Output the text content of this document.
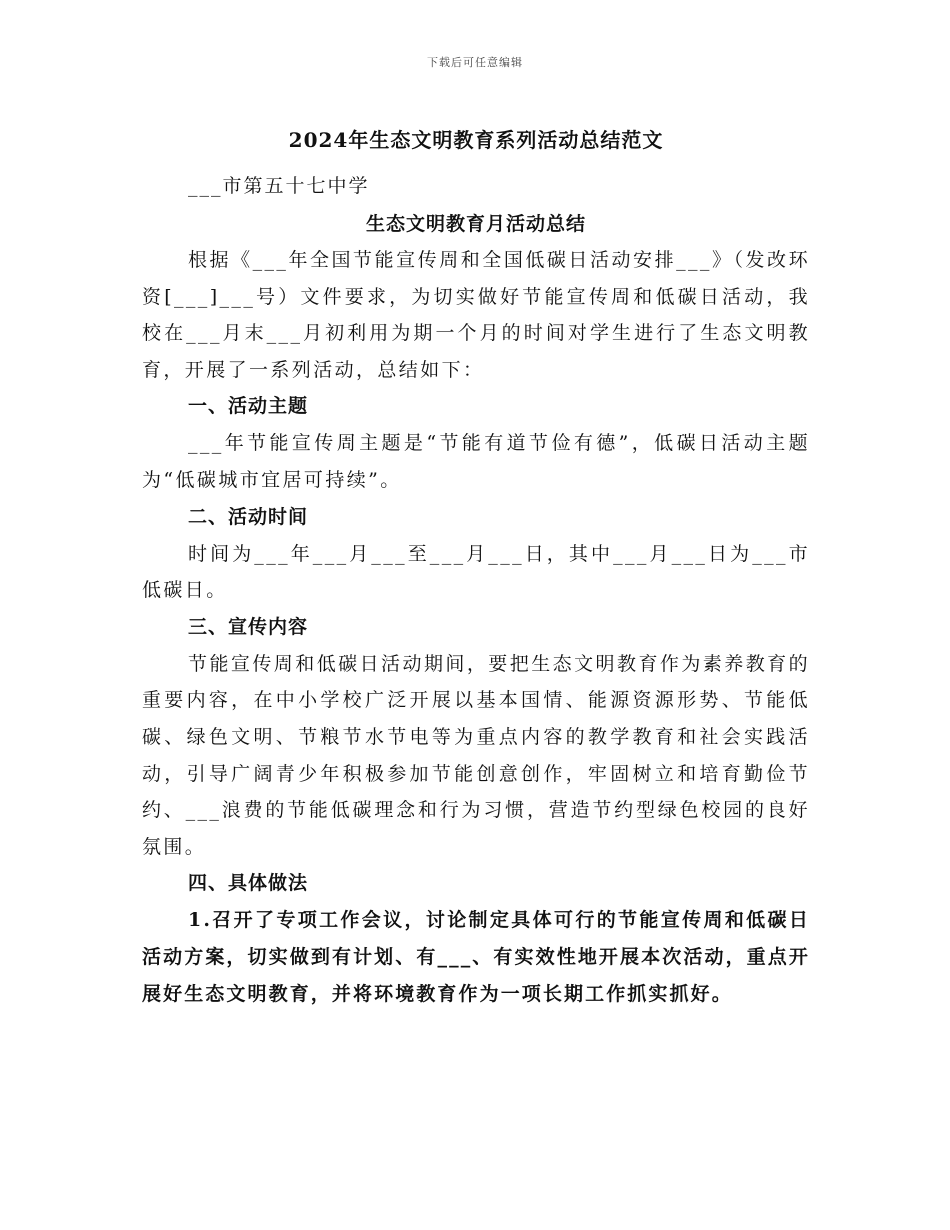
下载后可任意编辑
2024年生态文明教育系列活动总结范文
___市第五十七中学
生态文明教育月活动总结

根据《___年全国节能宣传周和全国低碳日活动安排___》（发改环资[___]___号）文件要求，为切实做好节能宣传周和低碳日活动，我校在___月末___月初利用为期一个月的时间对学生进行了生态文明教育，开展了一系列活动，总结如下：

一、活动主题

___年节能宣传周主题是“节能有道节俭有德”，低碳日活动主题为“低碳城市宜居可持续”。

二、活动时间

时间为___年___月___至___月___日，其中___月___日为___市低碳日。

三、宣传内容

节能宣传周和低碳日活动期间，要把生态文明教育作为素养教育的重要内容，在中小学校广泛开展以基本国情、能源资源形势、节能低碳、绿色文明、节粮节水节电等为重点内容的教学教育和社会实践活动，引导广阔青少年积极参加节能创意创作，牢固树立和培育勤俭节约、___浪费的节能低碳理念和行为习惯，营造节约型绿色校园的良好氛围。

四、具体做法

1.召开了专项工作会议，讨论制定具体可行的节能宣传周和低碳日活动方案，切实做到有计划、有___、有实效性地开展本次活动，重点开展好生态文明教育，并将环境教育作为一项长期工作抓实抓好。
